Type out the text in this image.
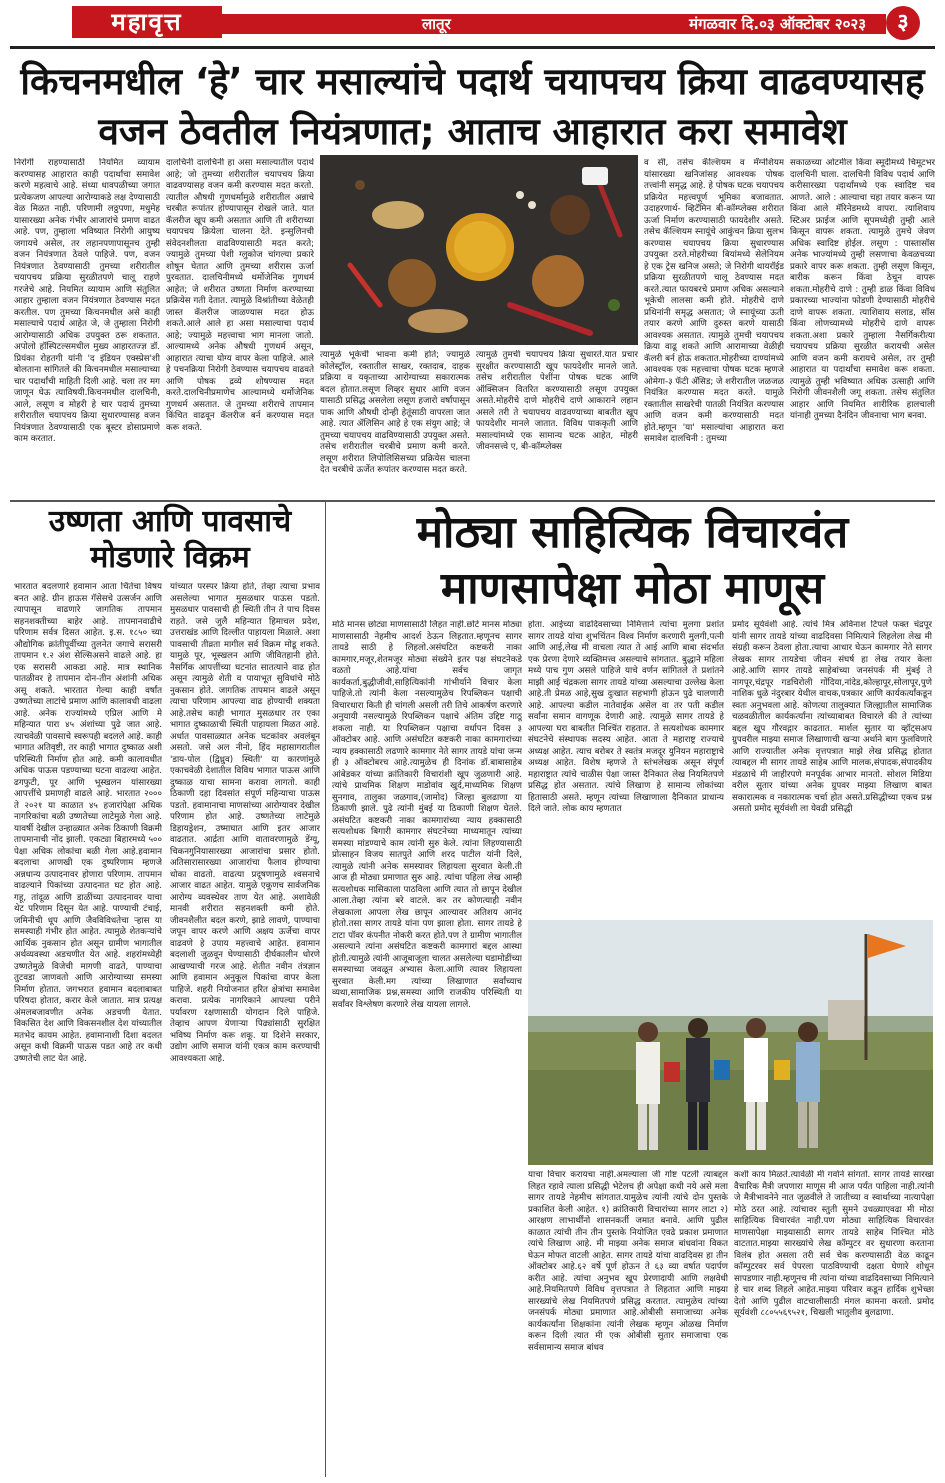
महावृत्त	लातूर	मंगळवार दि.०३ ऑक्टोबर २०२३	३
किचनमधील ‘हे’ चार मसाल्यांचे पदार्थ चयापचय क्रिया वाढवण्यासह
वजन ठेवतील नियंत्रणात; आताच आहारात करा समावेश

निरोगी राहण्यासाठी नियमित व्यायाम करण्यासह आहारात काही पदार्थांचा समावेश करणे महत्वाचे आहे. संध्या धावपळीच्या जगात प्रत्येकजण आपल्या आरोग्याकडे लक्ष देण्यासाठी वेळ मिळत नाही. परिणामी लठ्ठपणा, मधुमेह यासारख्या अनेक गंभीर आजारांचे प्रमाण वाढत आहे. पण, तुम्हाला भविष्यात निरोगी आयुष्य जगायचे असेल, तर लहानपणापासूनच तुम्ही वजन नियंत्रणात ठेवले पाहिजे. पण, वजन नियंत्रणात ठेवण्यासाठी तुमच्या शरीरातील चयापचय प्रक्रिया सुरळीतपणे चालू राहणे गरजेचे आहे. नियमित व्यायाम आणि संतुलित आहार तुम्हाला वजन नियंत्रणात ठेवण्यास मदत करतील. पण तुमच्या किचनमधील असे काही मसाल्याचे पदार्थ आहेत जे, जे तुम्हाला निरोगी आरोग्यासाठी अधिक उपयुक्त ठरू शकतात. अपोलो हॉस्पिटल्समधील मुख्य आहारतज्ज्ञ डॉ. प्रियंका रोहतगी यांनी 'द इंडियन एक्स्प्रेस'शी बोलताना सांगितले की किचनमधील मसाल्याच्या चार पदार्थांची माहिती दिली आहे. चला तर मग जाणून घेऊ त्याविषयी.किचनमधील दालचिनी, आले, लसूण व मोहरी हे चार पदार्थ तुमच्या शरीरातील चयापचय क्रिया सुधारण्यासह वजन नियंत्रणात ठेवण्यासाठी एक बूस्टर डोसाप्रमाणे काम करतात.

दालचिनी दालचिनी हा असा मसाल्यातील पदार्थ आहे; जो तुमच्या शरीरातील चयापचय क्रिया वाढवण्यासह वजन कमी करण्यास मदत करतो. त्यातील औषधी गुणधर्मांमुळे शरीरातील अन्नाचे चरबीत रूपांतर होण्यापासून रोखले जाते. यात कॅलरीज खूप कमी असतात आणि ती शरीराच्या चयापचय क्रियेला चालना देते. इन्सुलिनची संवेदनशीलता वाढविण्यासाठी मदत करते; ज्यामुळे तुमच्या पेशी ग्लुकोज चांगल्या प्रकारे शोषून घेतात आणि तुमच्या शरीरास ऊर्जा पुरवतात. दालचिनीमध्ये थर्मोजेनिक गुणधर्म आहेत; जे शरीरात उष्णता निर्माण करण्याच्या प्रक्रियेस गती देतात. त्यामुळे विश्रांतीच्या वेळेतही जास्त कॅलरीज जाळण्यास मदत होऊ शकते.आले आले हा असा मसाल्याचा पदार्थ आहे; ज्यामुळे महत्त्वाचा भाग मानला जातो. आल्यामध्ये अनेक औषधी गुणधर्म असून, आहारात त्याचा योग्य वापर केला पाहिजे. आले हे पचनक्रिया निरोगी ठेवण्यास चयापचय वाढवते आणि पोषक द्रव्ये शोषण्यास मदत करते.दालचिनीप्रमाणेच आल्यामध्ये थर्मोजेनिक गुणधर्म असतात. जे तुमच्या शरीराचे तापमान किंचित वाढवून कॅलरीज बर्न करण्यास मदत करू शकते.

त्यामुळे भूकेची भावना कमी होते; ज्यामुळे कोलेस्ट्रॉल, रक्तातील साखर, रक्तदाब, दाहक प्रक्रिया व यकृताच्या आरोग्याच्या सकारात्मक बदल होतात.लसूण लिव्हर सुधार आणि वजन यासाठी प्रसिद्ध असलेला लसूण हजारो वर्षांपासून पाक आणि औषधी दोन्ही हेतूंसाठी वापरला जात आहे. त्यात ॲलिसिन आहे हे एक संयुग आहे; जे तुमच्या चयापचय वाढविण्यासाठी उपयुक्त असते. तसेच शरीरातील चरबीचे प्रमाण कमी करते. लसूण शरीरात लिपोलिसिसच्या प्रक्रियेस चालना देत चरबीचे ऊर्जेत रूपांतर करण्यास मदत करते.

त्यामुळे तुमची चयापचय क्रिया सुधारते.यात प्रचार सुरक्षीत करण्यासाठी खूप फायदेशीर मानले जाते. तसेच शरीरातील पेशींना पोषक घटक आणि ऑक्सिजन वितरित करण्यासाठी लसूण उपयुक्त असते.मोहरीचे दाणे मोहरीचे दाणे आकाराने लहान असले तरी ते चयापचय वाढवण्याच्या बाबतीत खूप फायदेशीर मानले जातात. विविध पाककृती आणि मसाल्यांमध्ये एक सामान्य घटक आहेत, मोहरी जीवनसत्त्वे ए, बी-कॉम्प्लेक्स

व सी, तसेच कॅल्शियम व मॅग्नेशियम यांसारख्या खनिजांसह आवश्यक पोषक तत्त्वांनी समृद्ध आहे. हे पोषक घटक चयापचय प्रक्रियेत महत्त्वपूर्ण भूमिका बजावतात. उदाहरणार्थ- व्हिटॅमिन बी-कॉम्प्लेक्स शरीरात ऊर्जा निर्माण करण्यासाठी फायदेशीर असते. तसेच कॅल्शियम स्नायूंचे आकुंचन क्रिया सुलभ करण्यास चयापचय क्रिया सुधारण्यास उपयुक्त ठरते.मोहरीच्या बियांमध्ये सेलेनियम हे एक ट्रेस खनिज असते; जे निरोगी थायरॉईड प्रक्रिया सुरळीतपणे चालू ठेवण्यास मदत करते.त्यात फायबरचे प्रमाण अधिक असल्याने भूकेची लालसा कमी होते. मोहरीचे दाणे प्रथिनांनी समृद्ध असतात; जे स्नायूंच्या ऊती तयार करणे आणि दुरुस्त करणे यासाठी आवश्यक असतात. त्यामुळे तुमची चयापचय क्रिया वाढू शकते आणि आरामाच्या वेळीही कॅलरी बर्न होऊ शकतात.मोहरीच्या दाण्यांमध्ये आवश्यक एक महत्त्वाचा पोषक घटक म्हणजे ओमेगा-३ फॅटी ॲसिड; जे शरीरातील जळजळ नियंत्रित करण्यास मदत करते. यामुळे रक्तातील साखरेची पातळी नियंत्रित करण्यास आणि वजन कमी करण्यासाठी मदत होते.म्हणून 'या' मसाल्यांचा आहारात करा समावेश दालचिनी : तुमच्या

सकाळच्या ओटमील किंवा स्मूदीमध्ये चिमूटभर दालचिनी घाला. दालचिनी विविध पदार्थ आणि करीसारख्या पदार्थांमध्ये एक स्वादिष्ट चव आणते. आले : आल्याचा चहा तयार करून प्या किंवा आले मॅरिनेडमध्ये वापरा. त्याशिवाय स्टिअर फ्राईज आणि सूपमध्येही तुम्ही आले किसून वापरू शकता. त्यामुळे तुमचे जेवण अधिक स्वादिष्ट होईल. लसूण : पास्तासॉस अनेक भाज्यांमध्ये तुम्ही लसणाचा केवळचव्या प्रकारे वापर करू शकता. तुम्ही लसूण किसून, बारीक करून किंवा ठेचून वापरू शकता.मोहरीचे दाणे : तुम्ही डाळ किंवा विविध प्रकारच्या भाज्यांना फोडणी देण्यासाठी मोहरीचे दाणे वापरू शकता. त्याशिवाय सलाड, सॉस किंवा लोणच्यामध्ये मोहरीचे दाणे वापरू शकता.अशा प्रकारे तुम्हाला नैसर्गिकरीत्या चयापचय प्रक्रिया सुरळीत करायची असेल आणि वजन कमी करायचे असेल, तर तुम्ही आहारात या पदार्थांचा समावेश करू शकता. त्यामुळे तुम्ही भविष्यात अधिक उत्साही आणि निरोगी जीवनशैली जगू शकता. तसेच संतुलित आहार आणि नियमित शारीरिक हालचाली यांनाही तुमच्या दैनंदिन जीवनाचा भाग बनवा.

उष्णता आणि पावसाचे
मोडणारे विक्रम

भारतात बदलणारे हवामान आता चिंतेचा विषय बनत आहे. ग्रीन हाऊस गॅसेसचे उत्सर्जन आणि त्यापासून वाढणारे जागतिक तापमान सहनशक्तीच्या बाहेर आहे. तापमानवाढीचे परिणाम सर्वत्र दिसत आहेत. इ.स. १८५० च्या औद्योगिक क्रांतीपूर्वीच्या तुलनेत जगाचे सरासरी तापमान १.२ अंश सेल्सिअसने वाढले आहे. हा एक सरासरी आकडा आहे. मात्र स्थानिक पातळीवर हे तापमान दोन-तीन अंशांनी अधिक असू शकते. भारतात गेल्या काही वर्षांत उष्णतेच्या लाटांचे प्रमाण आणि कालावधी वाढला आहे. अनेक राज्यांमध्ये एप्रिल आणि मे महिन्यात पारा ४५ अंशांच्या पुढे जात आहे. त्याचवेळी पावसाचे स्वरूपही बदलले आहे. काही भागात अतिवृष्टी, तर काही भागात दुष्काळ अशी परिस्थिती निर्माण होत आहे. कमी कालावधीत अधिक पाऊस पडण्याच्या घटना वाढल्या आहेत. ढगफुटी, पूर आणि भूस्खलन यांसारख्या आपत्तींचे प्रमाणही वाढले आहे. भारतात २००० ते २०२१ या काळात ४५ हजारांपेक्षा अधिक नागरिकांचा बळी उष्णतेच्या लाटेमुळे गेला आहे. यावर्षी देखील उन्हाळ्यात अनेक ठिकाणी विक्रमी तापमानाची नोंद झाली. एकट्या बिहारमध्ये ५०० पेक्षा अधिक लोकांचा बळी गेला आहे.हवामान बदलाचा आणखी एक दुष्परिणाम म्हणजे अन्नधान्य उत्पादनावर होणारा परिणाम. तापमान वाढल्याने पिकांच्या उत्पादनात घट होत आहे. गहू, तांदूळ आणि डाळींच्या उत्पादनावर याचा थेट परिणाम दिसून येत आहे. पाण्याची टंचाई, जमिनीची धूप आणि जैवविविधतेचा ऱ्हास या समस्याही गंभीर होत आहेत. त्यामुळे शेतकऱ्यांचे आर्थिक नुकसान होत असून ग्रामीण भागातील अर्थव्यवस्था अडचणीत येत आहे. शहरांमध्येही उष्णतेमुळे विजेची मागणी वाढते, पाण्याचा तुटवडा जाणवतो आणि आरोग्याच्या समस्या निर्माण होतात. जगभरात हवामान बदलाबाबत परिषदा होतात, करार केले जातात. मात्र प्रत्यक्ष अंमलबजावणीत अनेक अडचणी येतात. विकसित देश आणि विकसनशील देश यांच्यातील मतभेद कायम आहेत. हवामानाशी दिशा बदलत असून कधी विक्रमी पाऊस पडत आहे तर कधी उष्णतेची लाट येत आहे.

यांच्यात परस्पर क्रिया होते, तेव्हा त्याचा प्रभाव असलेल्या भागात मुसळधार पाऊस पडतो. मुसळधार पावसाची ही स्थिती तीन ते पाच दिवस राहते. जसे जुलै महिन्यात हिमाचल प्रदेश, उत्तराखंड आणि दिल्लीत पाहायला मिळाले. अशा पावसाची तीव्रता मागील सर्व विक्रम मोडू शकते. यामुळे पूर, भूस्खलन आणि जीवितहानी होते. नैसर्गिक आपत्तींच्या घटनांत सातत्याने वाढ होत असून त्यामुळे शेती व पायाभूत सुविधांचे मोठे नुकसान होते. जागतिक तापमान वाढले असून त्याचा परिणाम आपल्या वाढ होण्याची शक्यता आहे.तसेच काही भागात मुसळधार तर एका भागात दुष्काळाची स्थिती पाहायला मिळत आहे. अर्धात पावसाळ्यात अनेक घटकांवर अवलंबून असतो. जसे अल नीनो, हिंद महासागरातील 'डाय-पोल (द्विध्रुव) स्थिती' या कारणांमुळे एकाचवेळी देशातील विविध भागात पाऊस आणि दुष्काळ याचा सामना करावा लागतो. काही ठिकाणी दहा दिवसांत संपूर्ण महिन्याचा पाऊस पडतो. हवामानाचा माणसांच्या आरोग्यावर देखील परिणाम होत आहे. उष्णतेच्या लाटेमुळे डिहायड्रेशन, उष्माघात आणि इतर आजार वाढतात. आर्द्रता आणि वातावरणामुळे डेंग्यू, चिकनगुनियासारख्या आजारांचा प्रसार होतो. अतिसारासारख्या आजारांचा फैलाव होण्याचा धोका वाढतो. वाढत्या प्रदूषणामुळे श्वसनाचे आजार वाढत आहेत. यामुळे एकूणच सार्वजनिक आरोग्य व्यवस्थेवर ताण येत आहे. अशावेळी मानवी शरीरात सहनशक्ती कमी होते. जीवनशैलीत बदल करणे, झाडे लावणे, पाण्याचा जपून वापर करणे आणि अक्षय ऊर्जेचा वापर वाढवणे हे उपाय महत्त्वाचे आहेत. हवामान बदलाशी जुळवून घेण्यासाठी दीर्घकालीन धोरणे आखण्याची गरज आहे. शेतीत नवीन तंत्रज्ञान आणि हवामान अनुकूल पिकांचा वापर केला पाहिजे. शहरी नियोजनात हरित क्षेत्रांचा समावेश करावा. प्रत्येक नागरिकाने आपल्या परीने पर्यावरण रक्षणासाठी योगदान दिले पाहिजे. तेव्हाच आपण येणाऱ्या पिढ्यांसाठी सुरक्षित भविष्य निर्माण करू शकू. या दिशेने सरकार, उद्योग आणि समाज यांनी एकत्र काम करण्याची आवश्यकता आहे.

मोठ्या साहित्यिक विचारवंत
माणसापेक्षा मोठा माणूस

मोठे मानस छोट्या माणसासाठी लिहत नाही.छोटे मानस मोठ्या माणसासाठी नेहमीच आदर्श ठेऊन लिहतात.म्हणूनच सागर तायडे साठी हे लिहलो.असंघटित कष्टकरी नाका कामगार,मजूर,शेतमजूर मोठ्या संख्येने इतर पक्ष संघटनेकडे वळतो आहे.यांचा सर्वच जागृत कार्यकर्ता,बुद्धीजीवी,साहित्यिकांनी गांभीर्याने विचार केला पाहिजे.तो त्यांनी केला नसल्यामुळेच रिपब्लिकन पक्षाची विचारधारा किती ही चांगली असली तरी तिचे आकर्षण करणारे अनुयायी नसल्यामुळे रिपब्लिकन पक्षाचे अंतिम उद्दिष्ट गाठू शकला नाही. या रिपब्लिकन पक्षाचा वर्धापन दिवस ३ ऑक्टोबर आहे. आणि असंघटित कष्टकरी नाका कामगारांच्या न्याय हक्कासाठी लढणारे कामगार नेते सागर तायडे यांचा जन्म ही ३ ऑक्टोबरच आहे.त्यामुळेच ही दिनांक डॉ.बाबासाहेब आंबेडकर यांच्या क्रांतिकारी विचारांशी खूप जुळणारी आहे. त्यांचे प्राथमिक शिक्षण माडोवांव खुर्द,माध्यमिक शिक्षण सुनगाव, तालुका जळगाव,(जामोद) जिल्हा बुलढाणा या ठिकाणी झाले. पुढे त्यांनी मुंबई या ठिकाणी शिक्षण घेतले. असंघटित कष्टकरी नाका कामगारांच्या न्याय हक्कासाठी सत्यशोधक बिगारी कामगार संघटनेच्या माध्यमातून त्यांच्या समस्या मांडण्याचे काम त्यांनी सुरु केले. त्यांना लिहण्यासाठी प्रोत्साहन विजय सातपुते आणि शरद पाटील यांनी दिले, त्यामुळे त्यांनी अनेक समस्यावर लिहायला सुरवात केली.ती आज ही मोठ्या प्रमाणात सुरु आहे. त्यांचा पहिला लेख आम्ही सत्यशोधक मासिकाला पाठविला आणि त्यात तो छापून देखील आला.तेव्हा त्यांना बरे वाटले. कर तर कोणत्याही नवीन लेखकाला आपला लेख छापून आल्यावर अतिशय आनंद होतो.तसा सागर तायडे यांना पण झाला होता. सागर तायडे हे टाटा पॉवर कंपनीत नोकरी करत होते.पण ते ग्रामीण भागातील असल्याने त्यांना असंघटित कष्टकरी कामगारां बद्दल आस्था होती.त्यामुळे त्यांनी आजूबाजूला चालत असलेल्या घडामोडींच्या समस्याच्या जवळून अभ्यास केला.आणि त्यावर लिहायला सुरवात केली.मग त्यांच्या लिखाणात सर्वांच्याच व्यथा,सामाजिक प्रश्न,समस्या आणि राजकीय परिस्थिती या सर्वांवर विश्लेषण करणारे लेख यायला लागले.

होता. आईच्या वाढदिवसाच्या निमित्ताने त्यांचा मुलगा प्रशांत सागर तायडे यांचा शुभचिंतन विश्व निर्माण करणारी मुलगी,पत्नी आणि आई,लेख मी वाचला त्यात ते आई आणि बाबा संदर्भात एक प्रेरणा देणारे व्यक्तिमत्त्व असल्याचे सांगतात. बुद्धाने महिला मध्ये पाच गुण असले पाहिजे याचे वर्णन सांगितले ते प्रशांतने माझी आई चंद्रकला सागर तायडे यांच्या असल्याचा उल्लेख केला आहे.ती प्रेमळ आहे,सुख दुःखात सहभागी होऊन पुढे चालणारी आहे. आपल्या कडील नातेवाईक असेल वा तर पती कडील सर्वांना समान वागणूक देणारी आहे. त्यामुळे सागर तायडे हे आपल्या घरा बाबतीत निश्चिंत राहतात. ते सत्यशोधक कामगार संघटनेचे संस्थापक सदस्य आहेत. आता ते महाराष्ट्र राज्याचे अध्यक्ष आहेत. त्याच बरोबर ते स्वतंत्र मजदूर युनियन महाराष्ट्राचे अध्यक्ष आहेत. विशेष म्हणजे ते स्तंभलेखक असून संपूर्ण महाराष्ट्रात त्यांचे चाळीस पेक्षा जास्त दैनिकात लेख नियमितपणे प्रसिद्ध होत असतात. त्यांचे लिखाण हे सामान्य लोकांच्या हितासाठी असते. म्हणून त्यांच्या लिखाणाला दैनिकात प्राधान्य दिले जाते. लोक काय म्हणतात

प्रमोद सूर्यवंशी आहे. त्यांचे मित्र अविनाश टिपले फक्त चंद्रपूर यांनी सागर तायडे यांच्या वाढदिवसा निमित्याने लिहलेला लेख मी संग्रही करून ठेवला होता.त्याचा आधार घेऊन कामगार नेते सागर लेखक सागर तायडेचा जीवन संघर्ष हा लेख तयार केला आहे.आणि सागर तायडे साहेबांच्या जनसंपर्क मी मुंबई ते नागपूर,चंद्रपूर गडचिरोली गोंदिया,नांदेड,कोल्हापूर,सोलापूर,पुणे नाशिक धुळे नंदुरबार येथील वाचक,पत्रकार आणि कार्यकर्त्यांकडून स्वतः अनुभवला आहे. कोणत्या तालुक्यात जिल्ह्यातील सामाजिक चळवळीतील कार्यकर्त्यांना त्यांच्याबाबत विचारले की ते त्यांच्या बद्दल खूप गौरवद्गार काढतात. मार्शल सुतार या व्हॉट्सअप ग्रुपवरील माझ्या समाज लिखाणाची खऱ्या अर्थाने बाग फुलविणारे आणि राज्यातील अनेक वृत्तपत्रात माझे लेख प्रसिद्ध होतात त्याबद्दल मी सागर तायडे साहेब आणि मालक,संपादक,संपादकीय मंडळाचे मी जाहीरपणे मनपूर्वक आभार मानतो. सोशल मिडिया वरील सुतार यांच्या अनेक ग्रुपवर माझ्या लिखाण बाबत सकारात्मक व नकारात्मक चर्चा होत असते.प्रसिद्धीच्या एकच प्रश्न असतो प्रमोद सूर्यवंशी ला येवढी प्रसिद्धी

याचा विचार करायचा नाही.अमल्याला जी गोष्ट पटली त्याबद्दल लिहत रहावे त्याला प्रसिद्धी भेटेलच ही अपेक्षा कधी नये असे मला सागर तायडे नेहमीच सांगतात.यामुळेच त्यांनी त्यांचे दोन पुस्तके प्रकाशित केली आहेत. १) क्रांतिकारी विचारांच्या सागर लाटा २) आरक्षण लाभार्थींनो शासनकर्ती जमात बनावे. आणि पुढील काळात त्यांची तीन तीन पुस्तके नियोजित एवढे प्रकाश प्रमाणात त्यांचे लिखाण आहे. मी माझ्या अनेक समाज बांधवांना विकत घेऊन मोफत वाटली आहेत. सागर तायडे यांचा वाढदिवस हा तीन ऑक्टोबर आहे.६२ वर्षे पूर्ण होऊन ते ६३ व्या वर्षात पदार्पण करीत आहे. त्यांचा अनुभव खूप प्रेरणादायी आणि लक्षवेधी आहे.नियमितपणे विविध वृत्तपत्रात ते लिहतात आणि माझ्या सारख्यांचे लेख नियमितपणे प्रसिद्ध करतात. त्यामुळेच त्यांच्या जनसंपर्क मोठ्या प्रमाणात आहे.ओबीसी समाजाच्या अनेक कार्यकर्त्यांना शिक्षकांना त्यांनी लेखक म्हणून ओळख निर्माण करून दिली त्यात मी एक ओबीसी सुतार समाजाचा एक सर्वसामान्य समाज बांधव

कशी काय मिळते.त्यावेळी मी गर्वाने सांगतो. सागर तायडे सारखा वैचारिक मैत्री जपणारा माणूस मी आज पर्यंत पाहिला नाही.त्यांनी जे मैत्रीभावनेने नात जुळवीले ते जातीच्या व स्वार्थाच्या नात्यापेक्षा मोठे ठरत आहे. त्यांचावर स्तुती सुमने उधळ्याएवढा मी मोठा साहित्यिक विचारवंत नाही.पण मोठ्या साहित्यिक विचारवंत माणसापेक्षा माझ्यासाठी सागर तायडे साहेब निश्चित मोठे वाटतात.माझ्या सारख्यांचे लेख कॉम्पुटर वर सुधारणा करताना विलंब होत असला तरी सर्व चेक करण्यासाठी वेळ काढून कॉम्पुटरवर सर्व पेपरला पाठविण्याची दक्षता घेणारे शोधून सापडणार नाही.म्हणूनच मी त्यांना यांच्या वाढदिवसाच्या निमित्याने हे चार शब्द लिहले आहेत.माझ्या परिवार कडून हार्दिक शुभेच्छा देतो आणि पुढील वाटचालीसाठी मंगल कामना करतो. प्रमोद सूर्यवंशी ८८०५५६९५२१, चिखली भातुलीव बुलढाणा.
